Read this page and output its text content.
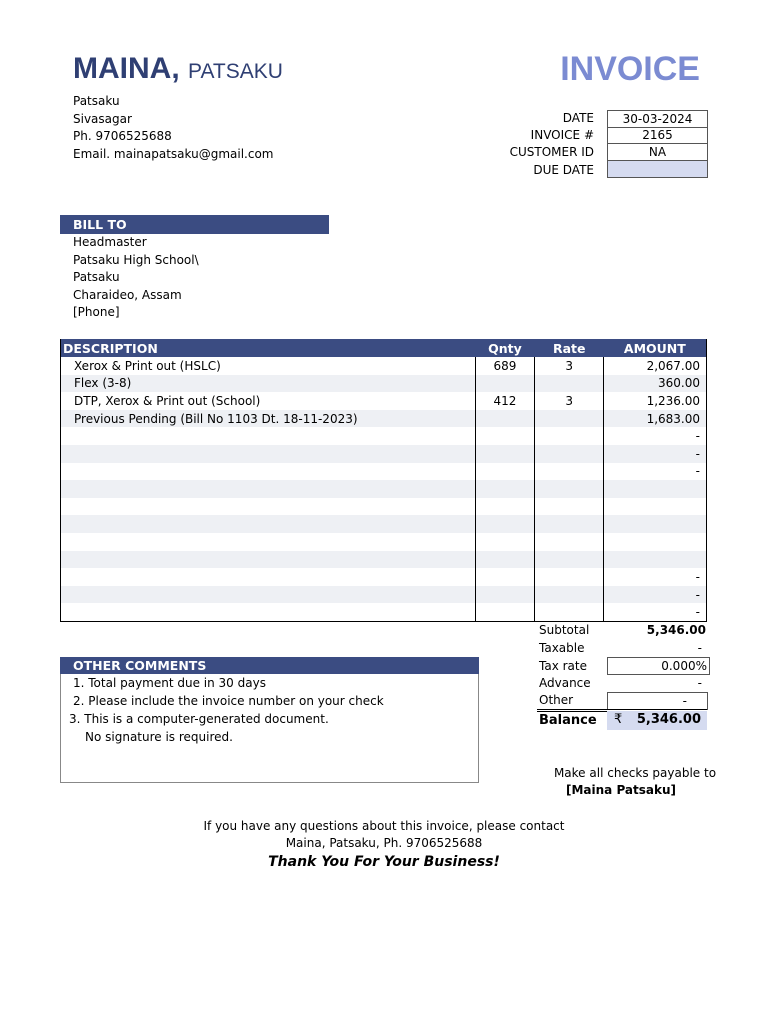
MAINA, PATSAKU	INVOICE
Patsaku
Sivasagar
Ph. 9706525688
Email. mainapatsaku@gmail.com
DATE	30-03-2024
INVOICE #	2165
CUSTOMER ID	NA
DUE DATE
BILL TO
Headmaster
Patsaku High School\
Patsaku
Charaideo, Assam
[Phone]
DESCRIPTION	Qnty	Rate	AMOUNT
Xerox & Print out (HSLC)	689	3	2,067.00
Flex (3-8)			360.00
DTP, Xerox & Print out (School)	412	3	1,236.00
Previous Pending (Bill No 1103 Dt. 18-11-2023)			1,683.00
			-
			-
			-

			-
			-
			-
Subtotal	5,346.00
Taxable	-
Tax rate	0.000%
Advance	-
Other	-
Balance ₹ 5,346.00
OTHER COMMENTS
1. Total payment due in 30 days
2. Please include the invoice number on your check
3. This is a computer-generated document.
No signature is required.
Make all checks payable to
[Maina Patsaku]
If you have any questions about this invoice, please contact
Maina, Patsaku, Ph. 9706525688
Thank You For Your Business!
